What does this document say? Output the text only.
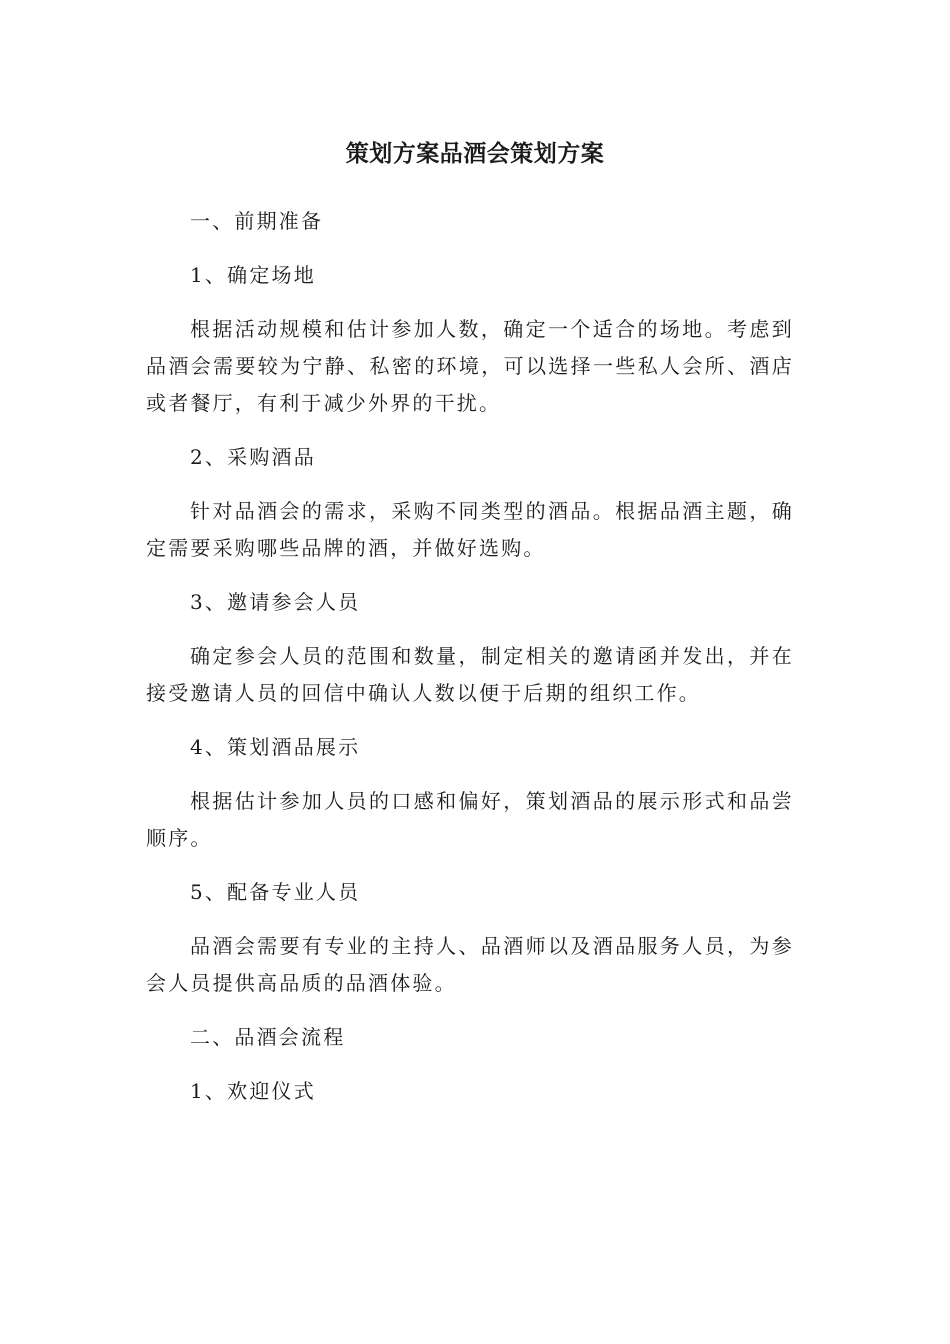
策划方案品酒会策划方案

一、前期准备

1、确定场地

根据活动规模和估计参加人数，确定一个适合的场地。考虑到品酒会需要较为宁静、私密的环境，可以选择一些私人会所、酒店或者餐厅，有利于减少外界的干扰。

2、采购酒品

针对品酒会的需求，采购不同类型的酒品。根据品酒主题，确定需要采购哪些品牌的酒，并做好选购。

3、邀请参会人员

确定参会人员的范围和数量，制定相关的邀请函并发出，并在接受邀请人员的回信中确认人数以便于后期的组织工作。

4、策划酒品展示

根据估计参加人员的口感和偏好，策划酒品的展示形式和品尝顺序。

5、配备专业人员

品酒会需要有专业的主持人、品酒师以及酒品服务人员，为参会人员提供高品质的品酒体验。

二、品酒会流程

1、欢迎仪式
